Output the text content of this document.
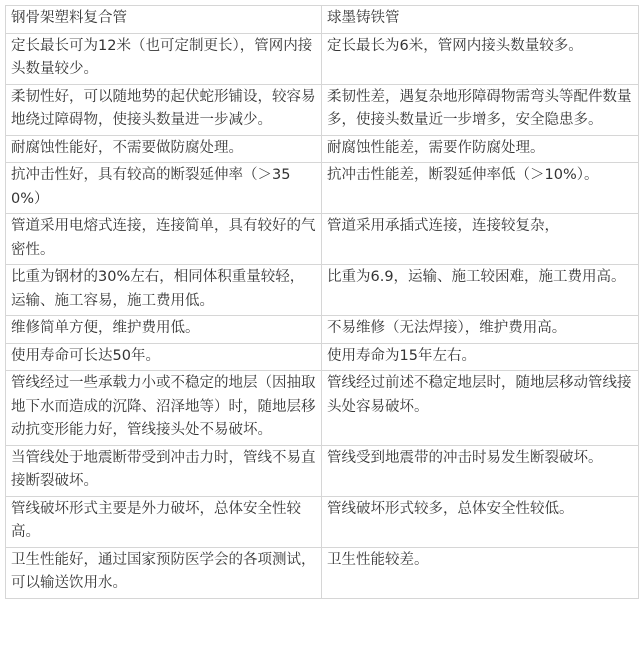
钢骨架塑料复合管	球墨铸铁管
定长最长可为12米（也可定制更长），管网内接头数量较少。	定长最长为6米，管网内接头数量较多。
柔韧性好，可以随地势的起伏蛇形铺设，较容易地绕过障碍物，使接头数量进一步减少。	柔韧性差，遇复杂地形障碍物需弯头等配件数量多，使接头数量近一步增多，安全隐患多。
耐腐蚀性能好，不需要做防腐处理。	耐腐蚀性能差，需要作防腐处理。
抗冲击性好，具有较高的断裂延伸率（＞350%）	抗冲击性能差，断裂延伸率低（＞10%）。
管道采用电熔式连接，连接简单，具有较好的气密性。	管道采用承插式连接，连接较复杂，
比重为钢材的30%左右，相同体积重量较轻，运输、施工容易，施工费用低。	比重为6.9，运输、施工较困难，施工费用高。
维修简单方便，维护费用低。	不易维修（无法焊接），维护费用高。
使用寿命可长达50年。	使用寿命为15年左右。
管线经过一些承载力小或不稳定的地层（因抽取地下水而造成的沉降、沼泽地等）时，随地层移动抗变形能力好，管线接头处不易破坏。	管线经过前述不稳定地层时，随地层移动管线接头处容易破坏。
当管线处于地震断带受到冲击力时，管线不易直接断裂破坏。	管线受到地震带的冲击时易发生断裂破坏。
管线破坏形式主要是外力破坏，总体安全性较高。	管线破坏形式较多，总体安全性较低。
卫生性能好，通过国家预防医学会的各项测试，可以输送饮用水。	卫生性能较差。
